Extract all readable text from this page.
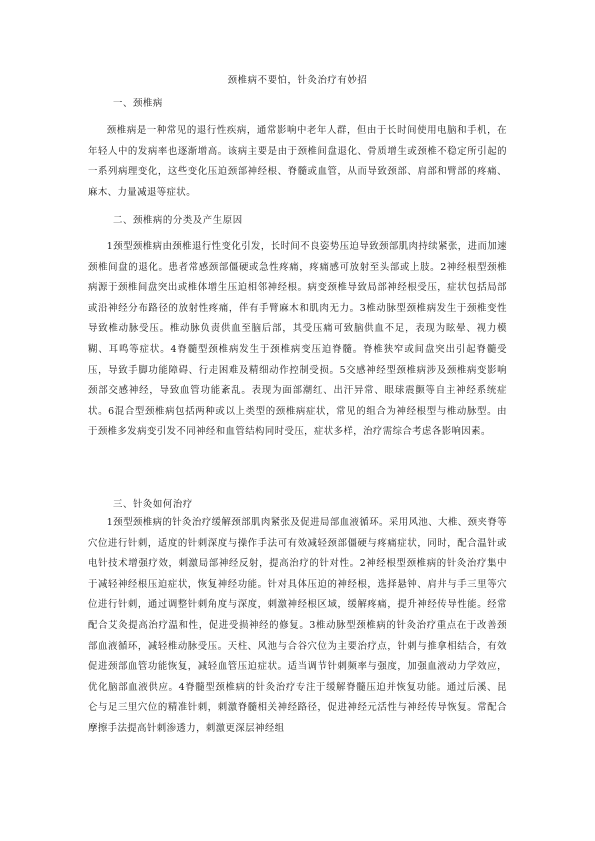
颈椎病不要怕，针灸治疗有妙招
一、颈椎病

颈椎病是一种常见的退行性疾病，通常影响中老年人群，但由于长时间使用电脑和手机，在年轻人中的发病率也逐渐增高。该病主要是由于颈椎间盘退化、骨质增生或颈椎不稳定所引起的一系列病理变化，这些变化压迫颈部神经根、脊髓或血管，从而导致颈部、肩部和臂部的疼痛、麻木、力量减退等症状。

二、颈椎病的分类及产生原因

1颈型颈椎病由颈椎退行性变化引发，长时间不良姿势压迫导致颈部肌肉持续紧张，进而加速颈椎间盘的退化。患者常感颈部僵硬或急性疼痛，疼痛感可放射至头部或上肢。2神经根型颈椎病源于颈椎间盘突出或椎体增生压迫相邻神经根。病变颈椎导致局部神经根受压，症状包括局部或沿神经分布路径的放射性疼痛，伴有手臂麻木和肌肉无力。3椎动脉型颈椎病发生于颈椎变性导致椎动脉受压。椎动脉负责供血至脑后部，其受压痛可致脑供血不足，表现为眩晕、视力模糊、耳鸣等症状。4脊髓型颈椎病发生于颈椎病变压迫脊髓。脊椎狭窄或间盘突出引起脊髓受压，导致手脚功能障碍、行走困难及精细动作控制受损。5交感神经型颈椎病涉及颈椎病变影响颈部交感神经，导致血管功能紊乱。表现为面部潮红、出汗异常、眼球震颤等自主神经系统症状。6混合型颈椎病包括两种或以上类型的颈椎病症状，常见的组合为神经根型与椎动脉型。由于颈椎多发病变引发不同神经和血管结构同时受压，症状多样，治疗需综合考虑各影响因素。

三、针灸如何治疗

1颈型颈椎病的针灸治疗缓解颈部肌肉紧张及促进局部血液循环。采用风池、大椎、颈夹脊等穴位进行针刺，适度的针刺深度与操作手法可有效减轻颈部僵硬与疼痛症状，同时，配合温针或电针技术增强疗效，刺激局部神经反射，提高治疗的针对性。2神经根型颈椎病的针灸治疗集中于减轻神经根压迫症状，恢复神经功能。针对具体压迫的神经根，选择悬钟、肩井与手三里等穴位进行针刺，通过调整针刺角度与深度，刺激神经根区域，缓解疼痛，提升神经传导性能。经常配合艾灸提高治疗温和性，促进受损神经的修复。3椎动脉型颈椎病的针灸治疗重点在于改善颈部血液循环，减轻椎动脉受压。天柱、风池与合谷穴位为主要治疗点，针刺与推拿相结合，有效促进颈部血管功能恢复，减轻血管压迫症状。适当调节针刺频率与强度，加强血液动力学效应，优化脑部血液供应。4脊髓型颈椎病的针灸治疗专注于缓解脊髓压迫并恢复功能。通过后溪、昆仑与足三里穴位的精准针刺，刺激脊髓相关神经路径，促进神经元活性与神经传导恢复。常配合摩擦手法提高针刺渗透力，刺激更深层神经组
